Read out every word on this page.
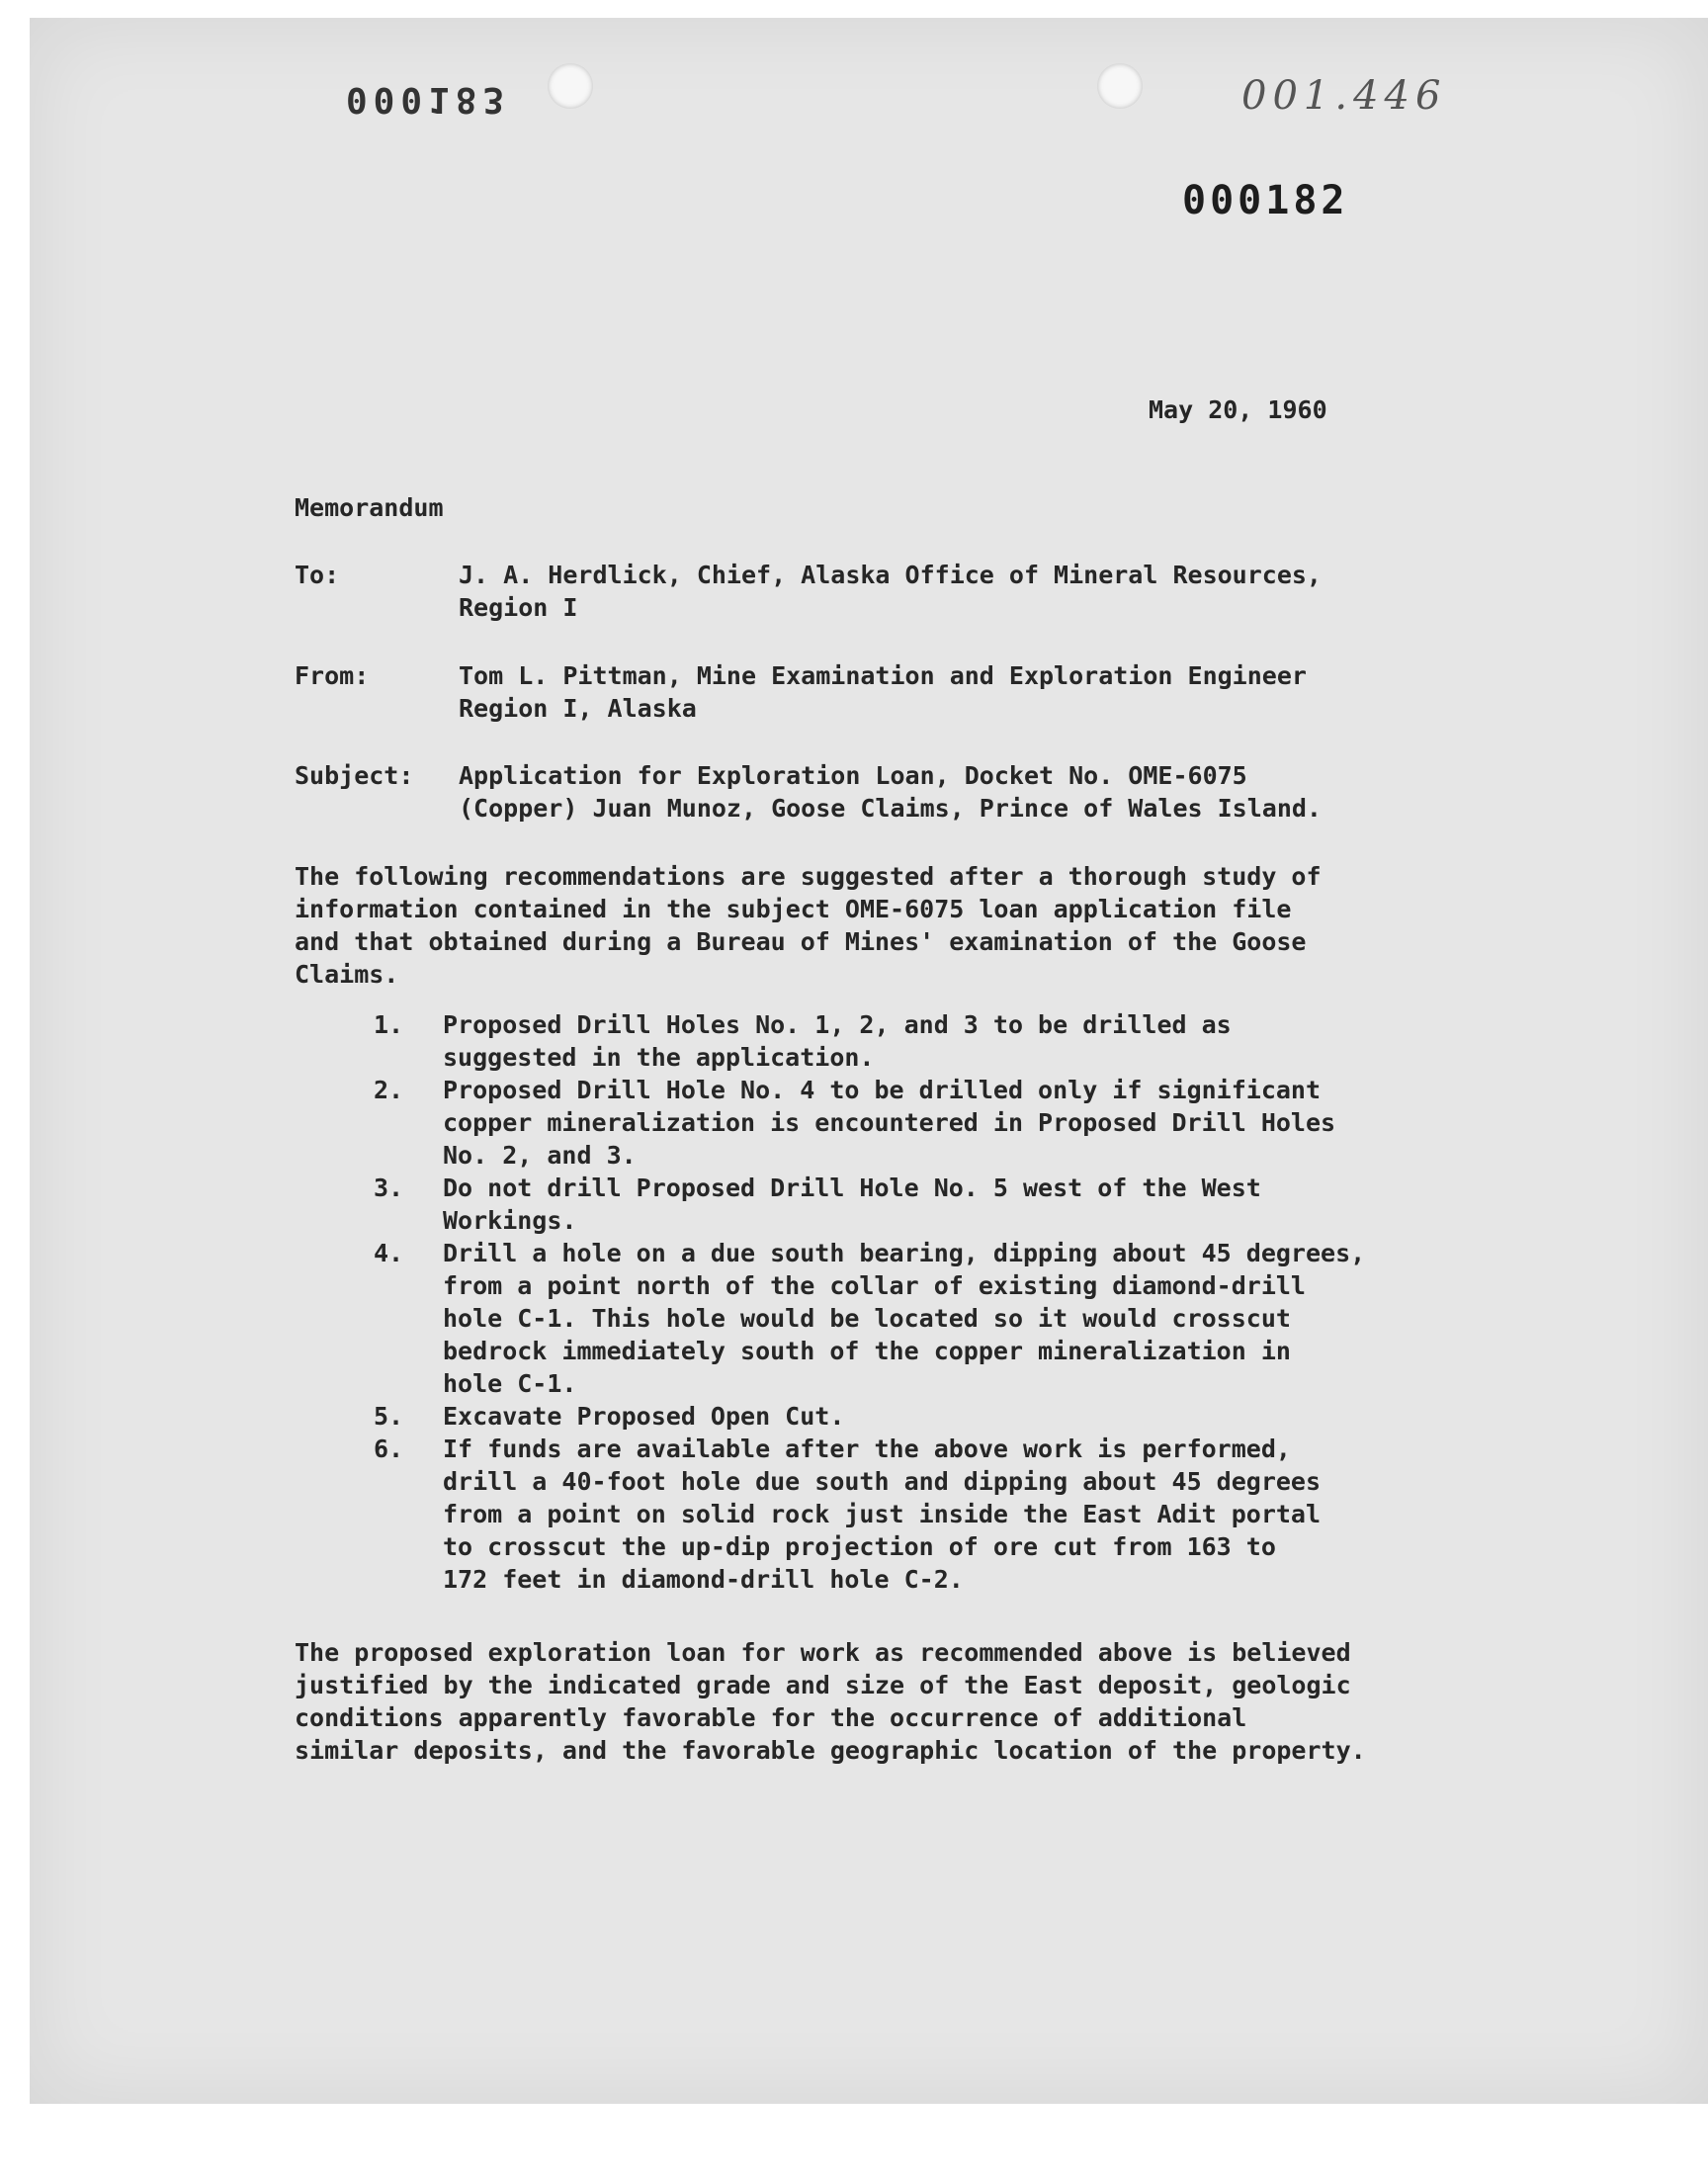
000183	001.446
000182
May 20, 1960
Memorandum
To:	J. A. Herdlick, Chief, Alaska Office of Mineral Resources,
Region I
From:	Tom L. Pittman, Mine Examination and Exploration Engineer
Region I, Alaska
Subject:	Application for Exploration Loan, Docket No. OME-6075
(Copper) Juan Munoz, Goose Claims, Prince of Wales Island.
The following recommendations are suggested after a thorough study of
information contained in the subject OME-6075 loan application file
and that obtained during a Bureau of Mines' examination of the Goose
Claims.
1. Proposed Drill Holes No. 1, 2, and 3 to be drilled as
suggested in the application.
2. Proposed Drill Hole No. 4 to be drilled only if significant
copper mineralization is encountered in Proposed Drill Holes
No. 2, and 3.
3. Do not drill Proposed Drill Hole No. 5 west of the West
Workings.
4. Drill a hole on a due south bearing, dipping about 45 degrees,
from a point north of the collar of existing diamond-drill
hole C-1. This hole would be located so it would crosscut
bedrock immediately south of the copper mineralization in
hole C-1.
5. Excavate Proposed Open Cut.
6. If funds are available after the above work is performed,
drill a 40-foot hole due south and dipping about 45 degrees
from a point on solid rock just inside the East Adit portal
to crosscut the up-dip projection of ore cut from 163 to
172 feet in diamond-drill hole C-2.
The proposed exploration loan for work as recommended above is believed
justified by the indicated grade and size of the East deposit, geologic
conditions apparently favorable for the occurrence of additional
similar deposits, and the favorable geographic location of the property.
